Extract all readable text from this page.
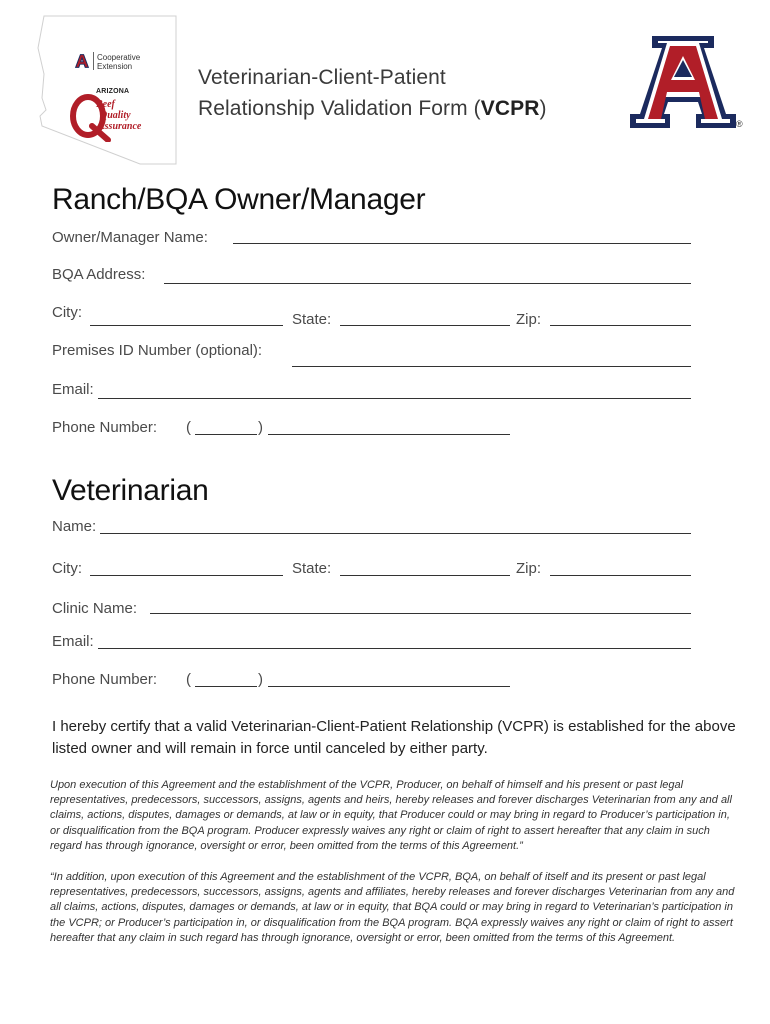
Cooperative
Extension
ARIZONA
Beef
Quality
Assurance
Veterinarian-Client-Patient
Relationship Validation Form (VCPR)
®
Ranch/BQA Owner/Manager
Owner/Manager Name:
BQA Address:
City:	State:	Zip:
Premises ID Number (optional):
Email:
Phone Number: (	)
Veterinarian
Name:
City:	State:	Zip:
Clinic Name:
Email:
Phone Number: (	)
I hereby certify that a valid Veterinarian-Client-Patient Relationship (VCPR) is established for the above listed owner and will remain in force until canceled by either party.
Upon execution of this Agreement and the establishment of the VCPR, Producer, on behalf of himself and his present or past legal representatives, predecessors, successors, assigns, agents and heirs, hereby releases and forever discharges Veterinarian from any and all claims, actions, disputes, damages or demands, at law or in equity, that Producer could or may bring in regard to Producer’s participation in, or disqualification from the BQA program. Producer expressly waives any right or claim of right to assert hereafter that any claim in such regard has through ignorance, oversight or error, been omitted from the terms of this Agreement.”
“In addition, upon execution of this Agreement and the establishment of the VCPR, BQA, on behalf of itself and its present or past legal representatives, predecessors, successors, assigns, agents and affiliates, hereby releases and forever discharges Veterinarian from any and all claims, actions, disputes, damages or demands, at law or in equity, that BQA could or may bring in regard to Veterinarian’s participation in the VCPR; or Producer’s participation in, or disqualification from the BQA program. BQA expressly waives any right or claim of right to assert hereafter that any claim in such regard has through ignorance, oversight or error, been omitted from the terms of this Agreement.
